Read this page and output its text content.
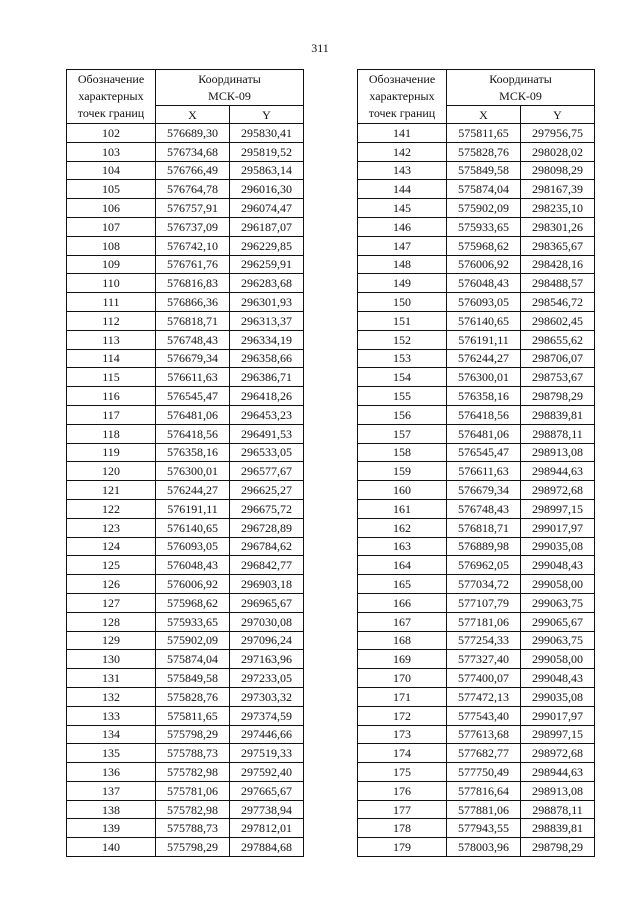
311
Обозначение
характерных
точек границ	Координаты
МСК-09	
	X	Y
102	576689,30	295830,41
103	576734,68	295819,52
104	576766,49	295863,14
105	576764,78	296016,30
106	576757,91	296074,47
107	576737,09	296187,07
108	576742,10	296229,85
109	576761,76	296259,91
110	576816,83	296283,68
111	576866,36	296301,93
112	576818,71	296313,37
113	576748,43	296334,19
114	576679,34	296358,66
115	576611,63	296386,71
116	576545,47	296418,26
117	576481,06	296453,23
118	576418,56	296491,53
119	576358,16	296533,05
120	576300,01	296577,67
121	576244,27	296625,27
122	576191,11	296675,72
123	576140,65	296728,89
124	576093,05	296784,62
125	576048,43	296842,77
126	576006,92	296903,18
127	575968,62	296965,67
128	575933,65	297030,08
129	575902,09	297096,24
130	575874,04	297163,96
131	575849,58	297233,05
132	575828,76	297303,32
133	575811,65	297374,59
134	575798,29	297446,66
135	575788,73	297519,33
136	575782,98	297592,40
137	575781,06	297665,67
138	575782,98	297738,94
139	575788,73	297812,01
140	575798,29	297884,68
Обозначение
характерных
точек границ	Координаты
МСК-09	
	X	Y
141	575811,65	297956,75
142	575828,76	298028,02
143	575849,58	298098,29
144	575874,04	298167,39
145	575902,09	298235,10
146	575933,65	298301,26
147	575968,62	298365,67
148	576006,92	298428,16
149	576048,43	298488,57
150	576093,05	298546,72
151	576140,65	298602,45
152	576191,11	298655,62
153	576244,27	298706,07
154	576300,01	298753,67
155	576358,16	298798,29
156	576418,56	298839,81
157	576481,06	298878,11
158	576545,47	298913,08
159	576611,63	298944,63
160	576679,34	298972,68
161	576748,43	298997,15
162	576818,71	299017,97
163	576889,98	299035,08
164	576962,05	299048,43
165	577034,72	299058,00
166	577107,79	299063,75
167	577181,06	299065,67
168	577254,33	299063,75
169	577327,40	299058,00
170	577400,07	299048,43
171	577472,13	299035,08
172	577543,40	299017,97
173	577613,68	298997,15
174	577682,77	298972,68
175	577750,49	298944,63
176	577816,64	298913,08
177	577881,06	298878,11
178	577943,55	298839,81
179	578003,96	298798,29
